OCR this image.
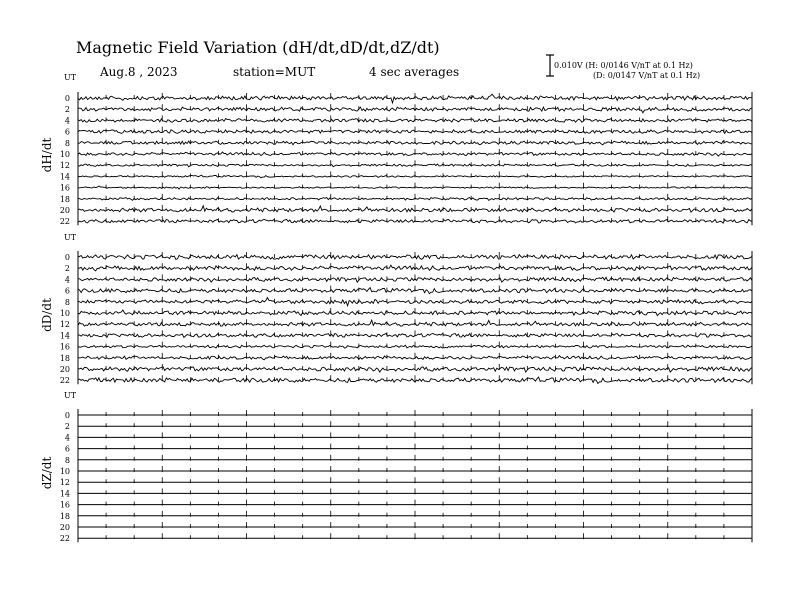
Magnetic Field Variation (dH/dt,dD/dt,dZ/dt)
Aug.8 , 2023	station=MUT	4 sec averages	0.010V (H: 0/0146 V/nT at 0.1 Hz)
(D: 0/0147 V/nT at 0.1 Hz)
dH/dt
UT
0
2
4
6
8
10
12
14
16
18
20
22
dD/dt
UT
0
2
4
6
8
10
12
14
16
18
20
22
dZ/dt
UT
0
2
4
6
8
10
12
14
16
18
20
22
